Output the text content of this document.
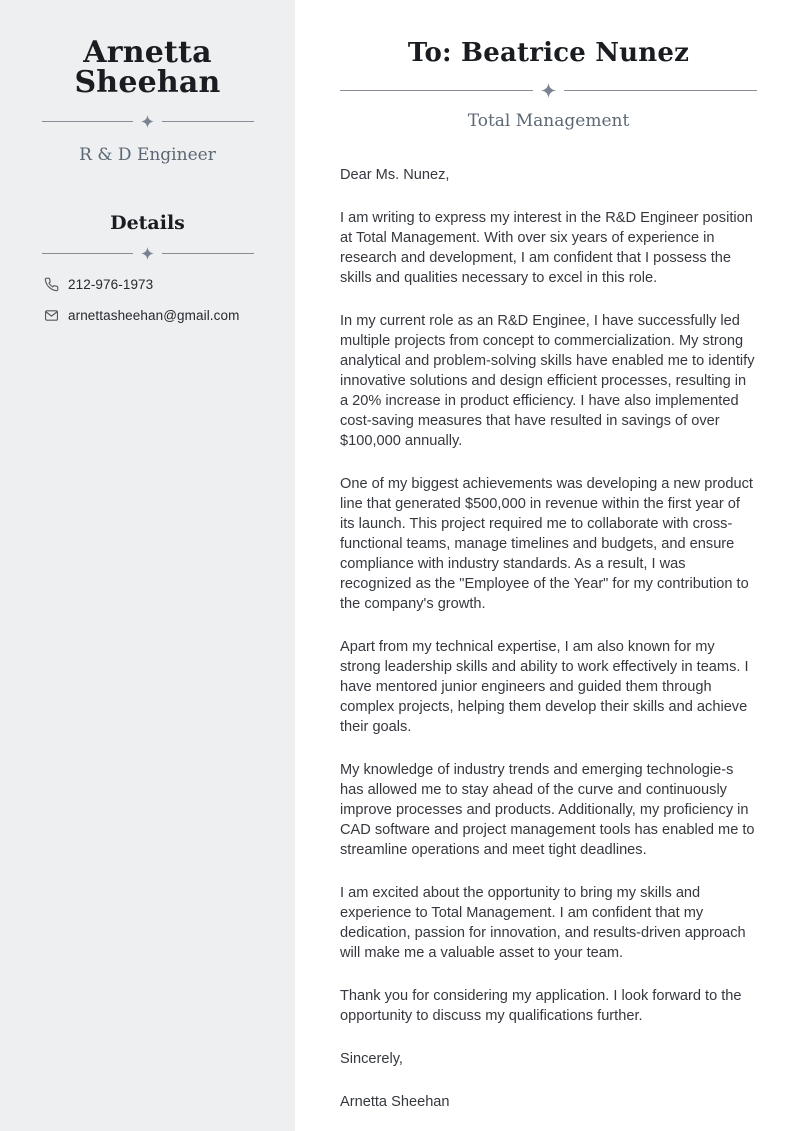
Arnetta
Sheehan
R & D Engineer
Details
212-976-1973
arnettasheehan@gmail.com
To: Beatrice Nunez
Total Management

Dear Ms. Nunez,

I am writing to express my interest in the R&D Engineer position at Total Management. With over six years of experience in research and development, I am confident that I possess the skills and qualities necessary to excel in this role.

In my current role as an R&D Enginee, I have successfully led multiple projects from concept to commercialization. My strong analytical and problem-solving skills have enabled me to identify innovative solutions and design efficient processes, resulting in a 20% increase in product efficiency. I have also implemented cost-saving measures that have resulted in savings of over $100,000 annually.

One of my biggest achievements was developing a new product line that generated $500,000 in revenue within the first year of its launch. This project required me to collaborate with cross-functional teams, manage timelines and budgets, and ensure compliance with industry standards. As a result, I was recognized as the "Employee of the Year" for my contribution to the company's growth.

Apart from my technical expertise, I am also known for my strong leadership skills and ability to work effectively in teams. I have mentored junior engineers and guided them through complex projects, helping them develop their skills and achieve their goals.

My knowledge of industry trends and emerging technologie-s has allowed me to stay ahead of the curve and continuously improve processes and products. Additionally, my proficiency in CAD software and project management tools has enabled me to streamline operations and meet tight deadlines.

I am excited about the opportunity to bring my skills and experience to Total Management. I am confident that my dedication, passion for innovation, and results-driven approach will make me a valuable asset to your team.

Thank you for considering my application. I look forward to the opportunity to discuss my qualifications further.

Sincerely,

Arnetta Sheehan
